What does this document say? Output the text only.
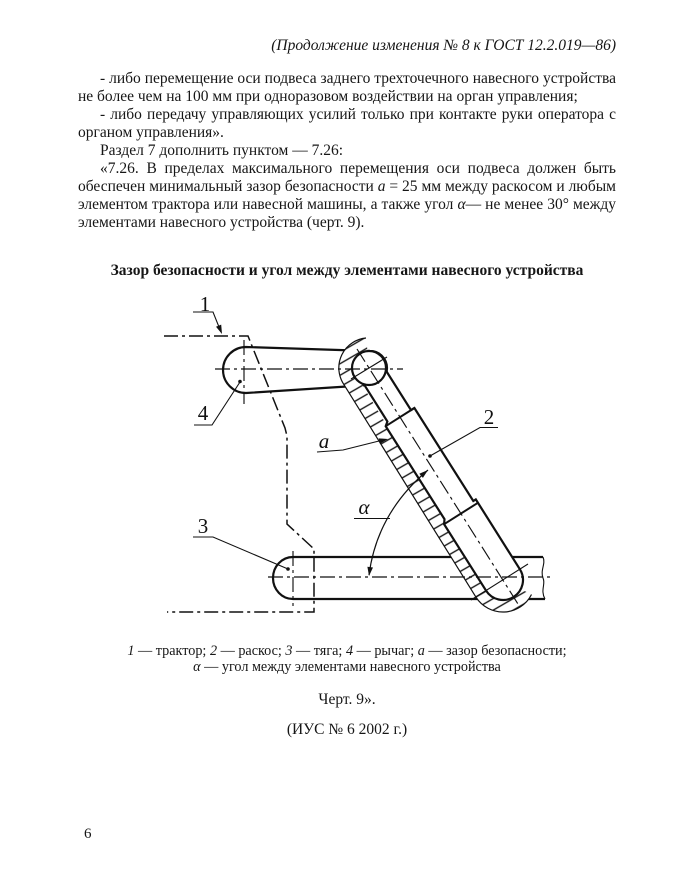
(Продолжение изменения № 8 к ГОСТ 12.2.019—86)

- либо перемещение оси подвеса заднего трехточечного навесного устройства не более чем на 100 мм при одноразовом воздействии на орган управления;

- либо передачу управляющих усилий только при контакте руки оператора с органом управления».

Раздел 7 дополнить пунктом — 7.26:

«7.26. В пределах максимального перемещения оси подвеса должен быть обеспечен минимальный зазор безопасности a = 25 мм между раскосом и любым элементом трактора или навесной машины, а также угол α— не менее 30° между элементами навесного устройства (черт. 9).

Зазор безопасности и угол между элементами навесного устройства
1
2
3
4
a
α
1 — трактор; 2 — раскос; 3 — тяга; 4 — рычаг; a — зазор безопасности;
α — угол между элементами навесного устройства
Черт. 9».
(ИУС № 6 2002 г.)
6
